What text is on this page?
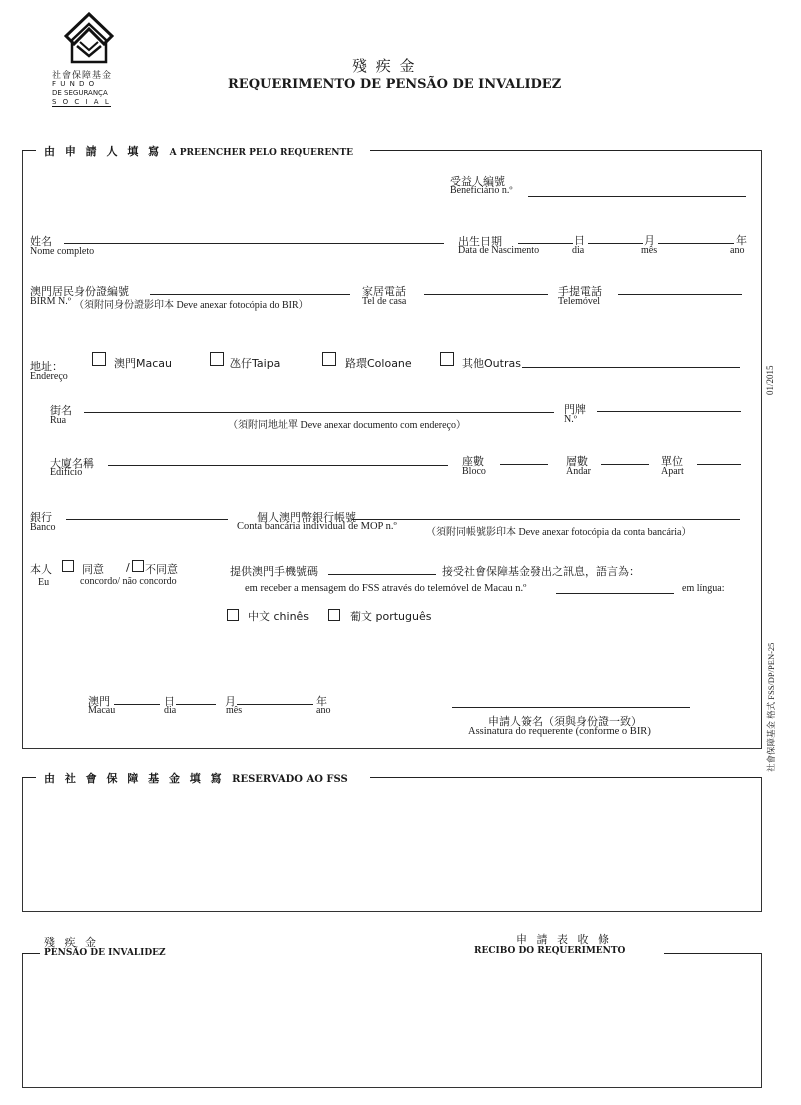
社會保障基金
F U N D O
DE SEGURANÇA
S O C I A L
殘 疾 金
REQUERIMENTO DE PENSÃO DE INVALIDEZ
由 申 請 人 填 寫 A PREENCHER PELO REQUERENTE
受益人編號
Beneficiário n.º
姓名
Nome completo
出生日期
Data de Nascimento
日
dia
月
mês
年
ano
澳門居民身份證編號
BIRM N.º （須附同身份證影印本 Deve anexar fotocópia do BIR）
家居電話
Tel de casa
手提電話
Telemóvel
地址：
Endereço
澳門Macau	氹仔Taipa	路環Coloane	其他Outras
街名
Rua	（須附同地址單 Deve anexar documento com endereço）
門牌
N.º
大廈名稱
Edifício
座數
Bloco
層數
Andar
單位
Apart
銀行
Banco
個人澳門幣銀行帳號
Conta bancária individual de MOP n.º
（須附同帳號影印本 Deve anexar fotocópia da conta bancária）
本人	同意 / 不同意
Eu	concordo/ não concordo
提供澳門手機號碼	接受社會保障基金發出之訊息，語言為：
em receber a mensagem do FSS através do telemóvel de Macau n.º	em língua:
中文 chinês	葡文 português
澳門
Macau
日
dia
月
mês
年
ano
申請人簽名（須與身份證一致）
Assinatura do requerente (conforme o BIR)
由 社 會 保 障 基 金 填 寫 RESERVADO AO FSS
殘 疾 金
PENSÃO DE INVALIDEZ
申 請 表 收 條
RECIBO DO REQUERIMENTO
01/2015
社會保障基金 格式 FSS/DP/PEN-25
